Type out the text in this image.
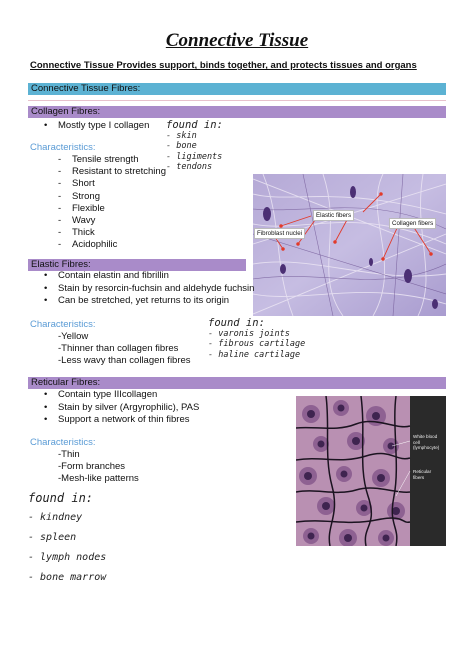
Connective Tissue
Connective Tissue Provides support, binds together, and protects tissues and organs
Connective Tissue Fibres:
Collagen Fibres:
• Mostly type I collagen
Characteristics:
- Tensile strength
- Resistant to stretching
- Short
- Strong
- Flexible
- Wavy
- Thick
- Acidophilic
found in:
- skin
- bone
- ligiments
- tendons
Elastic fibers
Collagen fibers
Fibroblast nuclei
Elastic Fibres:
• Contain elastin and fibrillin
• Stain by resorcin-fuchsin and aldehyde fuchsin
• Can be stretched, yet returns to its origin
Characteristics:
-Yellow
-Thinner than collagen fibres
-Less wavy than collagen fibres
found in:
- varonis joints
- fibrous cartilage
- haline cartilage
Reticular Fibres:
• Contain type IIIcollagen
• Stain by silver (Argyrophilic), PAS
• Support a network of thin fibres
Characteristics:
-Thin
-Form branches
-Mesh-like patterns
found in:
- kindney
- spleen
- lymph nodes
- bone marrow
White blood
cell
(lymphocyte)
Reticular
fibers
